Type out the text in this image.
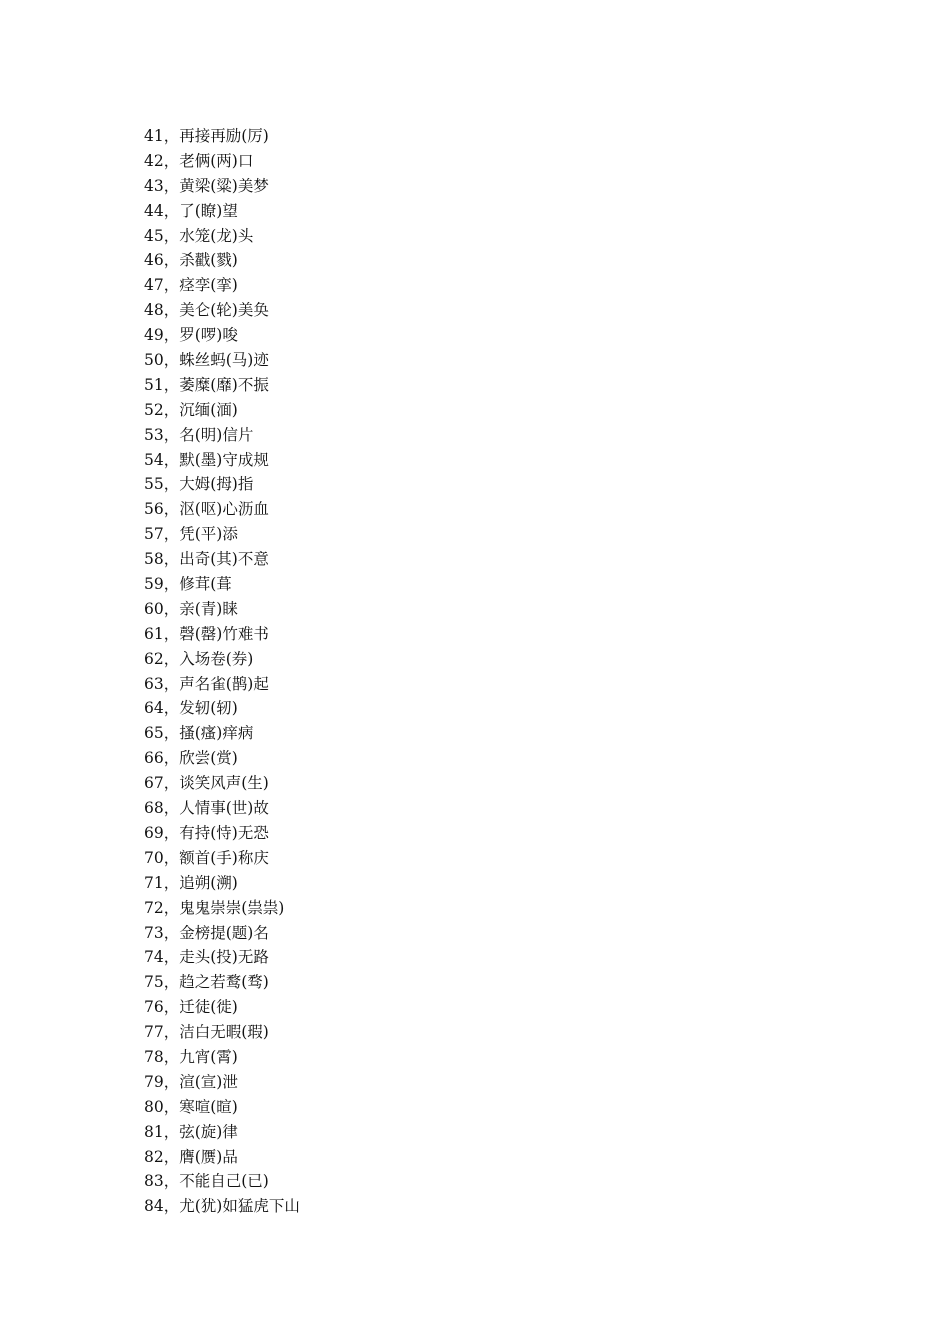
41，再接再励(厉)
42，老俩(两)口
43，黄梁(粱)美梦
44，了(瞭)望
45，水笼(龙)头
46，杀戳(戮)
47，痉孪(挛)
48，美仑(轮)美奂
49，罗(啰)唆
50，蛛丝蚂(马)迹
51，萎糜(靡)不振
52，沉缅(湎)
53，名(明)信片
54，默(墨)守成规
55，大姆(拇)指
56，沤(呕)心沥血
57，凭(平)添
58，出奇(其)不意
59，修茸(葺
60，亲(青)睐
61，磬(罄)竹难书
62，入场卷(券)
63，声名雀(鹊)起
64，发轫(轫)
65，搔(瘙)痒病
66，欣尝(赏)
67，谈笑风声(生)
68，人情事(世)故
69，有持(恃)无恐
70，额首(手)称庆
71，追朔(溯)
72，鬼鬼崇崇(祟祟)
73，金榜提(题)名
74，走头(投)无路
75，趋之若鹜(骛)
76，迁徒(徙)
77，洁白无暇(瑕)
78，九宵(霄)
79，渲(宣)泄
80，寒喧(暄)
81，弦(旋)律
82，膺(赝)品
83，不能自己(已)
84，尤(犹)如猛虎下山
